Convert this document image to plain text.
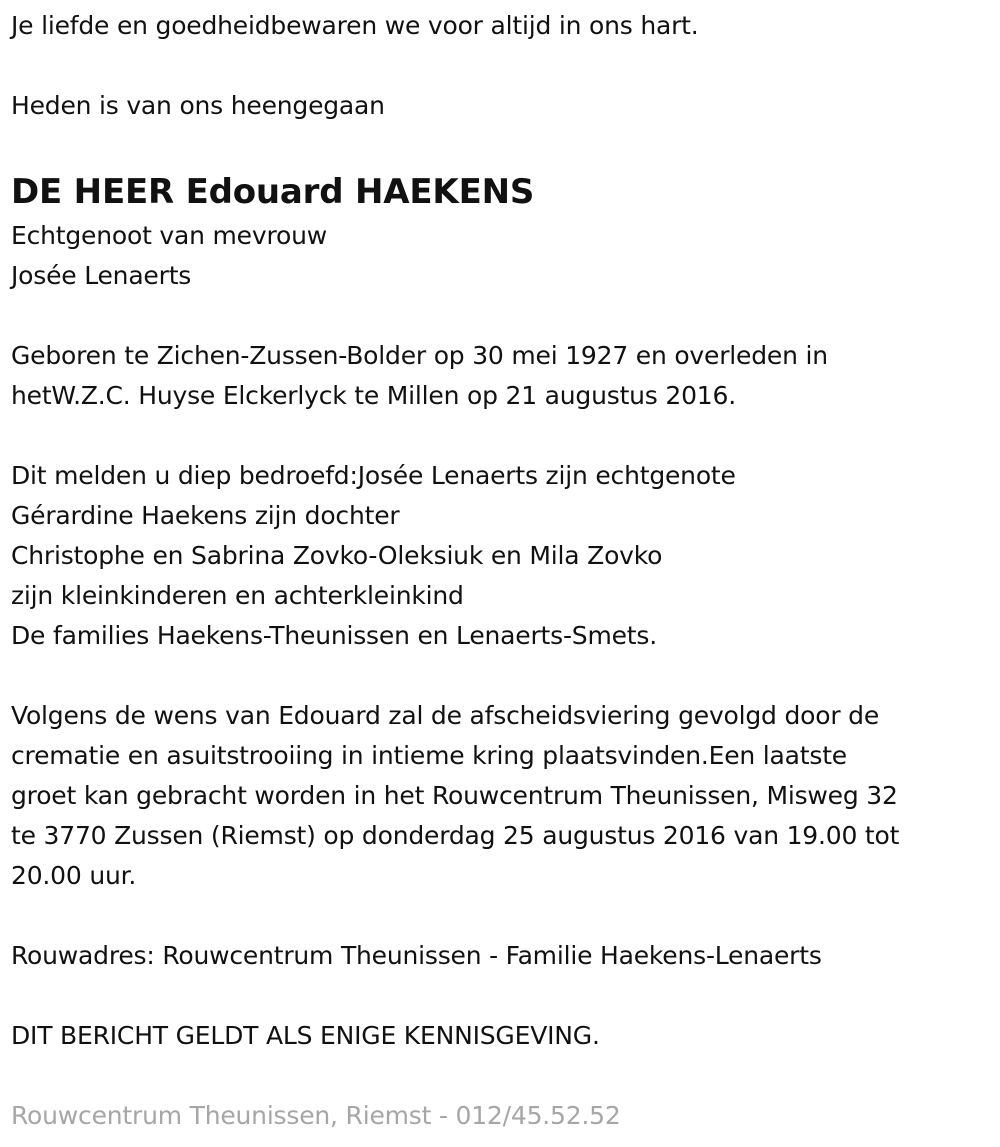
Je liefde en goedheidbewaren we voor altijd in ons hart.
Heden is van ons heengegaan
DE HEER Edouard HAEKENS
Echtgenoot van mevrouw
Josée Lenaerts
Geboren te Zichen-Zussen-Bolder op 30 mei 1927 en overleden in
hetW.Z.C. Huyse Elckerlyck te Millen op 21 augustus 2016.
Dit melden u diep bedroefd:Josée Lenaerts zijn echtgenote
Gérardine Haekens zijn dochter
Christophe en Sabrina Zovko-Oleksiuk en Mila Zovko
zijn kleinkinderen en achterkleinkind
De families Haekens-Theunissen en Lenaerts-Smets.
Volgens de wens van Edouard zal de afscheidsviering gevolgd door de
crematie en asuitstrooiing in intieme kring plaatsvinden.Een laatste
groet kan gebracht worden in het Rouwcentrum Theunissen, Misweg 32
te 3770 Zussen (Riemst) op donderdag 25 augustus 2016 van 19.00 tot
20.00 uur.
Rouwadres: Rouwcentrum Theunissen - Familie Haekens-Lenaerts
DIT BERICHT GELDT ALS ENIGE KENNISGEVING.
Rouwcentrum Theunissen, Riemst - 012/45.52.52
